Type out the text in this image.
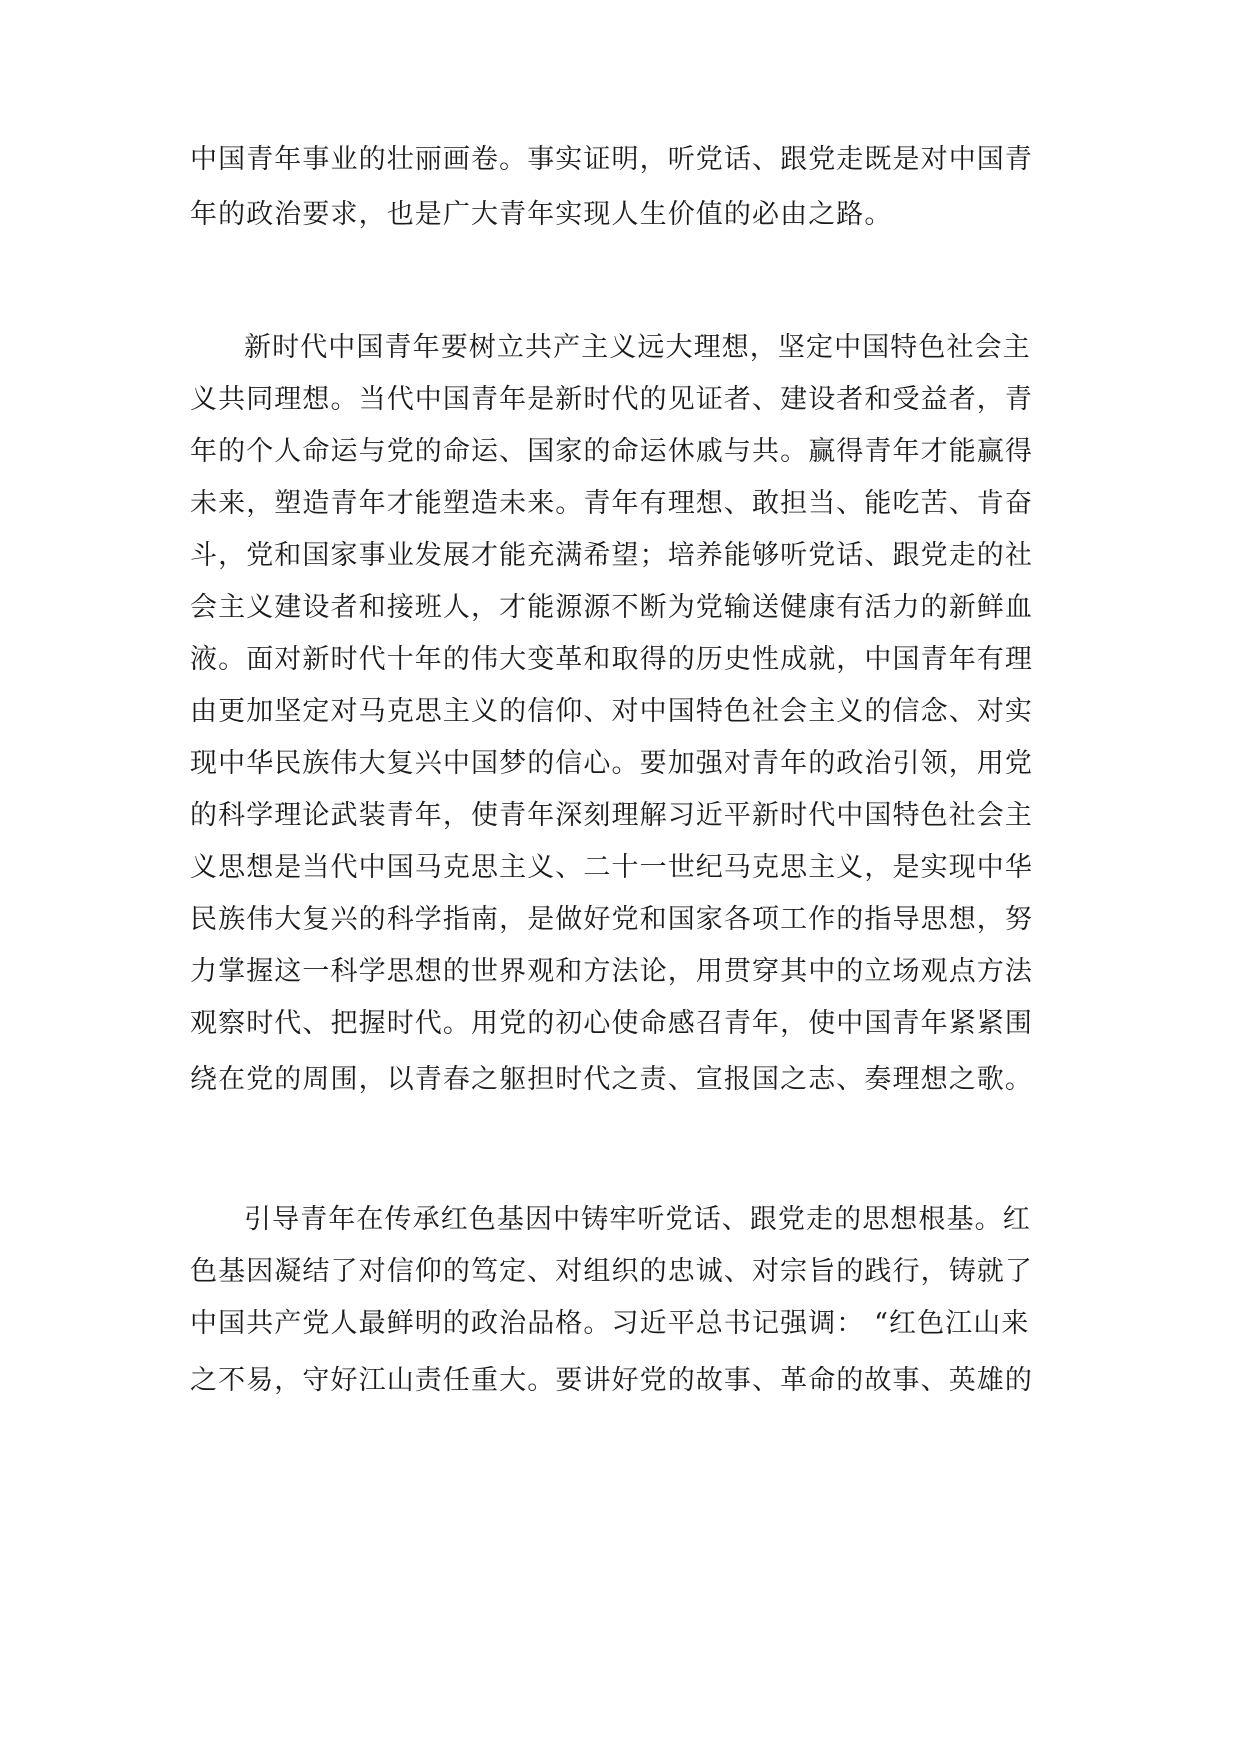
中国青年事业的壮丽画卷。事实证明，听党话、跟党走既是对中国青
年的政治要求，也是广大青年实现人生价值的必由之路。
新时代中国青年要树立共产主义远大理想，坚定中国特色社会主
义共同理想。当代中国青年是新时代的见证者、建设者和受益者，青
年的个人命运与党的命运、国家的命运休戚与共。赢得青年才能赢得
未来，塑造青年才能塑造未来。青年有理想、敢担当、能吃苦、肯奋
斗，党和国家事业发展才能充满希望；培养能够听党话、跟党走的社
会主义建设者和接班人，才能源源不断为党输送健康有活力的新鲜血
液。面对新时代十年的伟大变革和取得的历史性成就，中国青年有理
由更加坚定对马克思主义的信仰、对中国特色社会主义的信念、对实
现中华民族伟大复兴中国梦的信心。要加强对青年的政治引领，用党
的科学理论武装青年，使青年深刻理解习近平新时代中国特色社会主
义思想是当代中国马克思主义、二十一世纪马克思主义，是实现中华
民族伟大复兴的科学指南，是做好党和国家各项工作的指导思想，努
力掌握这一科学思想的世界观和方法论，用贯穿其中的立场观点方法
观察时代、把握时代。用党的初心使命感召青年，使中国青年紧紧围
绕在党的周围，以青春之躯担时代之责、宣报国之志、奏理想之歌。
引导青年在传承红色基因中铸牢听党话、跟党走的思想根基。红
色基因凝结了对信仰的笃定、对组织的忠诚、对宗旨的践行，铸就了
中国共产党人最鲜明的政治品格。习近平总书记强调： “红色江山来
之不易，守好江山责任重大。要讲好党的故事、革命的故事、英雄的
